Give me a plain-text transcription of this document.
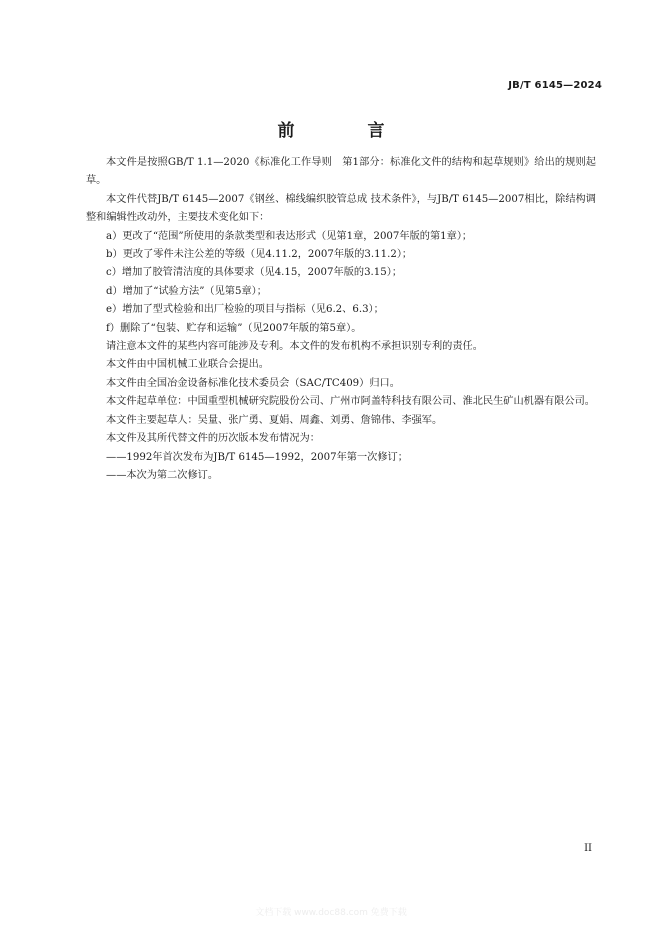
JB/T 6145—2024
前　言

本文件是按照GB/T 1.1—2020《标准化工作导则　第1部分：标准化文件的结构和起草规则》给出的规则起草。

本文件代替JB/T 6145—2007《钢丝、棉线编织胶管总成 技术条件》，与JB/T 6145—2007相比，除结构调整和编辑性改动外，主要技术变化如下：

a）更改了“范围”所使用的条款类型和表达形式（见第1章，2007年版的第1章）；

b）更改了零件未注公差的等级（见4.11.2，2007年版的3.11.2）；

c）增加了胶管清洁度的具体要求（见4.15，2007年版的3.15）；

d）增加了“试验方法”（见第5章）；

e）增加了型式检验和出厂检验的项目与指标（见6.2、6.3）；

f）删除了“包装、贮存和运输”（见2007年版的第5章）。

请注意本文件的某些内容可能涉及专利。本文件的发布机构不承担识别专利的责任。

本文件由中国机械工业联合会提出。

本文件由全国冶金设备标准化技术委员会（SAC/TC409）归口。

本文件起草单位：中国重型机械研究院股份公司、广州市阿盖特科技有限公司、淮北民生矿山机器有限公司。

本文件主要起草人：吴量、张广勇、夏娟、周鑫、刘勇、詹锦伟、李强军。

本文件及其所代替文件的历次版本发布情况为：

——1992年首次发布为JB/T 6145—1992，2007年第一次修订；

——本次为第二次修订。

II
文档下载 www.doc88.com 免费下载
